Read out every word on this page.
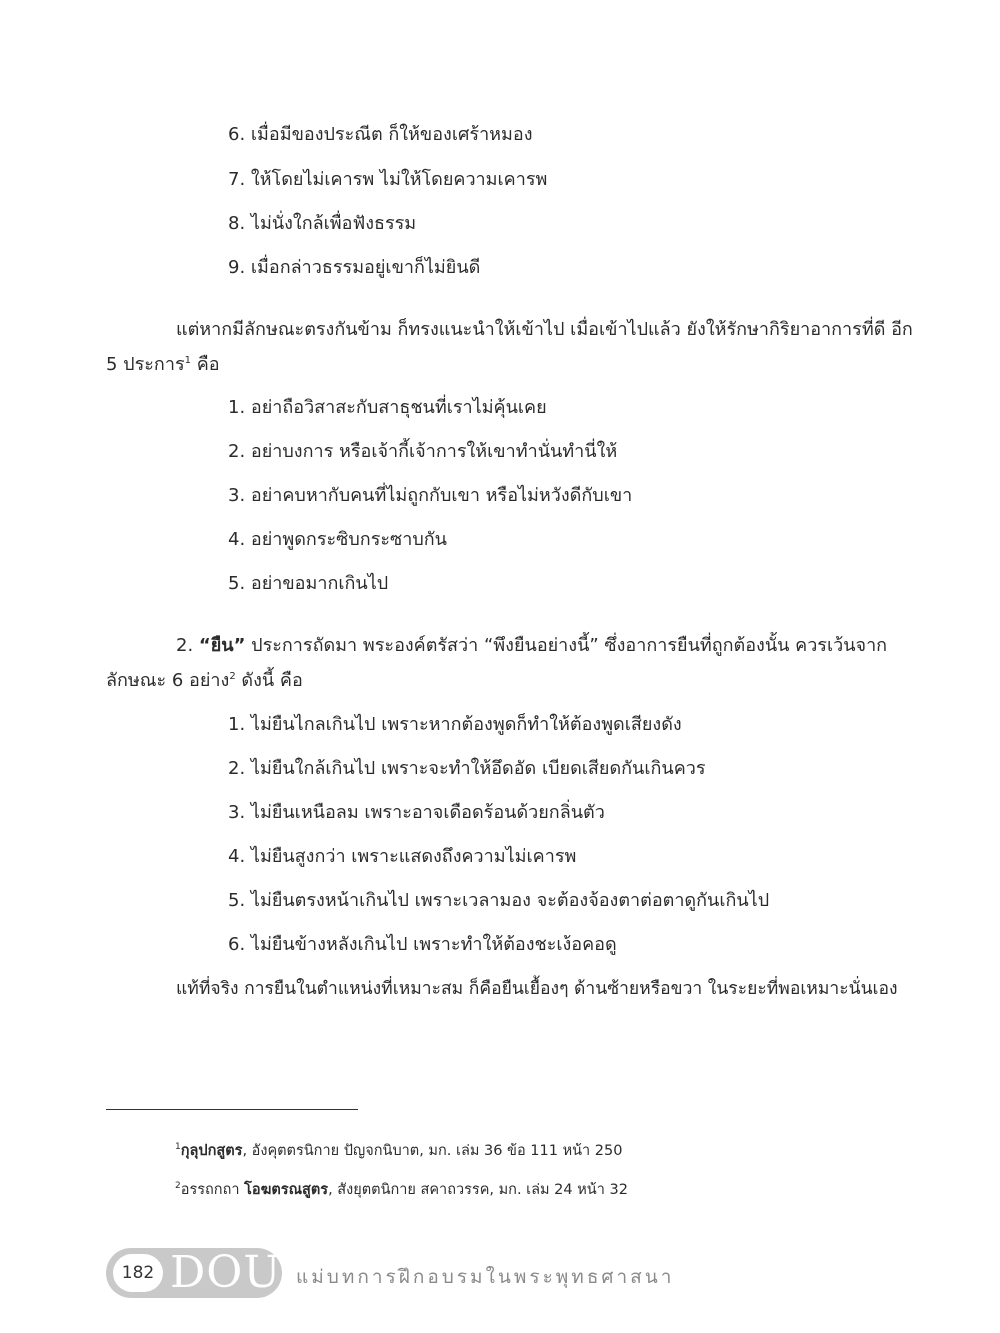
6. เมื่อมีของประณีต ก็ให้ของเศร้าหมอง
7. ให้โดยไม่เคารพ ไม่ให้โดยความเคารพ
8. ไม่นั่งใกล้เพื่อฟังธรรม
9. เมื่อกล่าวธรรมอยู่เขาก็ไม่ยินดี
แต่หากมีลักษณะตรงกันข้าม ก็ทรงแนะนำให้เข้าไป เมื่อเข้าไปแล้ว ยังให้รักษากิริยาอาการที่ดี อีก
5 ประการ$^1$ คือ
1. อย่าถือวิสาสะกับสาธุชนที่เราไม่คุ้นเคย
2. อย่าบงการ หรือเจ้ากี้เจ้าการให้เขาทำนั่นทำนี่ให้
3. อย่าคบหากับคนที่ไม่ถูกกับเขา หรือไม่หวังดีกับเขา
4. อย่าพูดกระซิบกระซาบกัน
5. อย่าขอมากเกินไป
2. “ยืน” ประการถัดมา พระองค์ตรัสว่า “พึงยืนอย่างนี้” ซึ่งอาการยืนที่ถูกต้องนั้น ควรเว้นจาก
ลักษณะ 6 อย่าง$^2$ ดังนี้ คือ
1. ไม่ยืนไกลเกินไป เพราะหากต้องพูดก็ทำให้ต้องพูดเสียงดัง
2. ไม่ยืนใกล้เกินไป เพราะจะทำให้อึดอัด เบียดเสียดกันเกินควร
3. ไม่ยืนเหนือลม เพราะอาจเดือดร้อนด้วยกลิ่นตัว
4. ไม่ยืนสูงกว่า เพราะแสดงถึงความไม่เคารพ
5. ไม่ยืนตรงหน้าเกินไป เพราะเวลามอง จะต้องจ้องตาต่อตาดูกันเกินไป
6. ไม่ยืนข้างหลังเกินไป เพราะทำให้ต้องชะเง้อคอดู
แท้ที่จริง การยืนในตำแหน่งที่เหมาะสม ก็คือยืนเยื้องๆ ด้านซ้ายหรือขวา ในระยะที่พอเหมาะนั่นเอง
$^1$กุลุปกสูตร, อังคุตตรนิกาย ปัญจกนิบาต, มก. เล่ม 36 ข้อ 111 หน้า 250
$^2$อรรถกถา โอฆตรณสูตร, สังยุตตนิกาย สคาถวรรค, มก. เล่ม 24 หน้า 32
182 DOU แม่บทการฝึกอบรมในพระพุทธศาสนา
